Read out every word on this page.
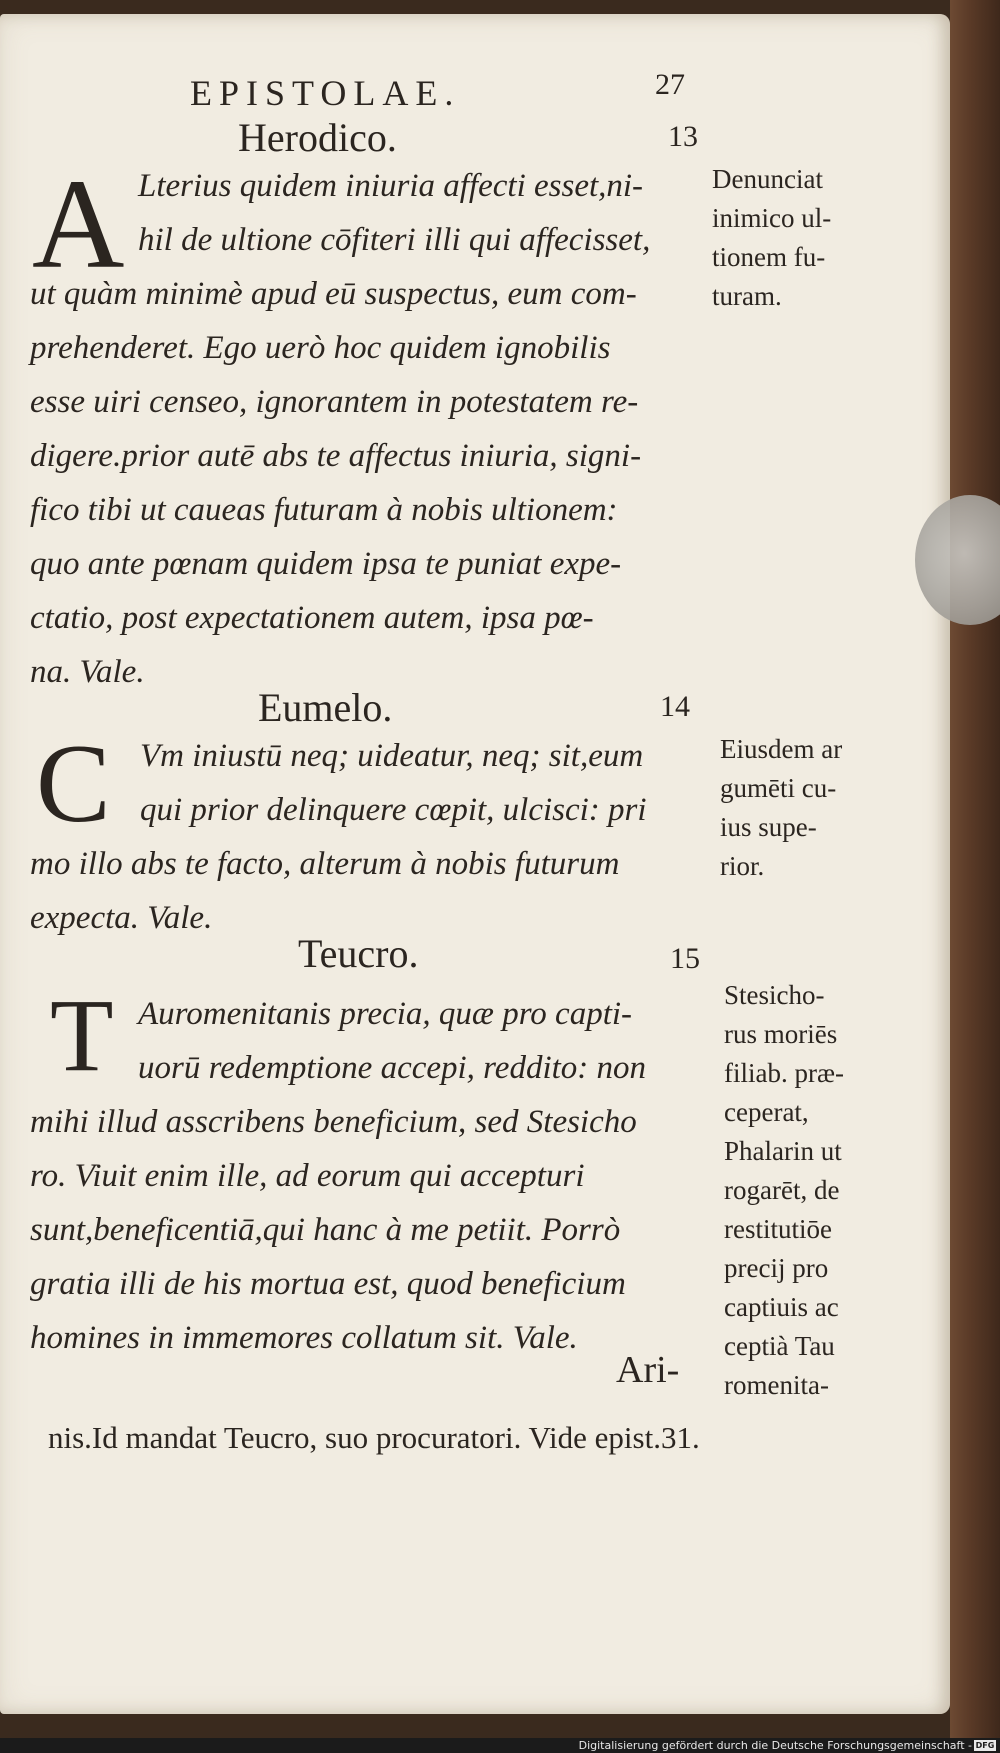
EPISTOLAE.	27
Herodico.	13
A Lterius quidem iniuria affecti esset,ni-
hil de ultione cōfiteri illi qui affecisset,
ut quàm minimè apud eū suspectus, eum com-
prehenderet. Ego uerò hoc quidem ignobilis
esse uiri censeo, ignorantem in potestatem re-
digere.prior autē abs te affectus iniuria, signi-
fico tibi ut caueas futuram à nobis ultionem:
quo ante pœnam quidem ipsa te puniat expe-
ctatio, post expectationem autem, ipsa pœ-
na. Vale.
Denunciat
inimico ul-
tionem fu-
turam.
Eumelo.	14
C Vm iniustū neq; uideatur, neq; sit,eum
qui prior delinquere cœpit, ulcisci: pri
mo illo abs te facto, alterum à nobis futurum
expecta. Vale.
Eiusdem ar
gumēti cu-
ius supe-
rior.
Teucro.	15
T Auromenitanis precia, quæ pro capti-
uorū redemptione accepi, reddito: non
mihi illud asscribens beneficium, sed Stesicho
ro. Viuit enim ille, ad eorum qui accepturi
sunt,beneficentiā,qui hanc à me petiit. Porrò
gratia illi de his mortua est, quod beneficium
homines in immemores collatum sit. Vale.
Stesicho-
rus moriēs
filiab. præ-
ceperat,
Phalarin ut
rogarēt, de
restitutiōe
precij pro
captiuis ac
ceptià Tau
romenita-
Ari-
nis.Id mandat Teucro, suo procuratori. Vide epist.31.
Digitalisierung gefördert durch die Deutsche Forschungsgemeinschaft - DFG
